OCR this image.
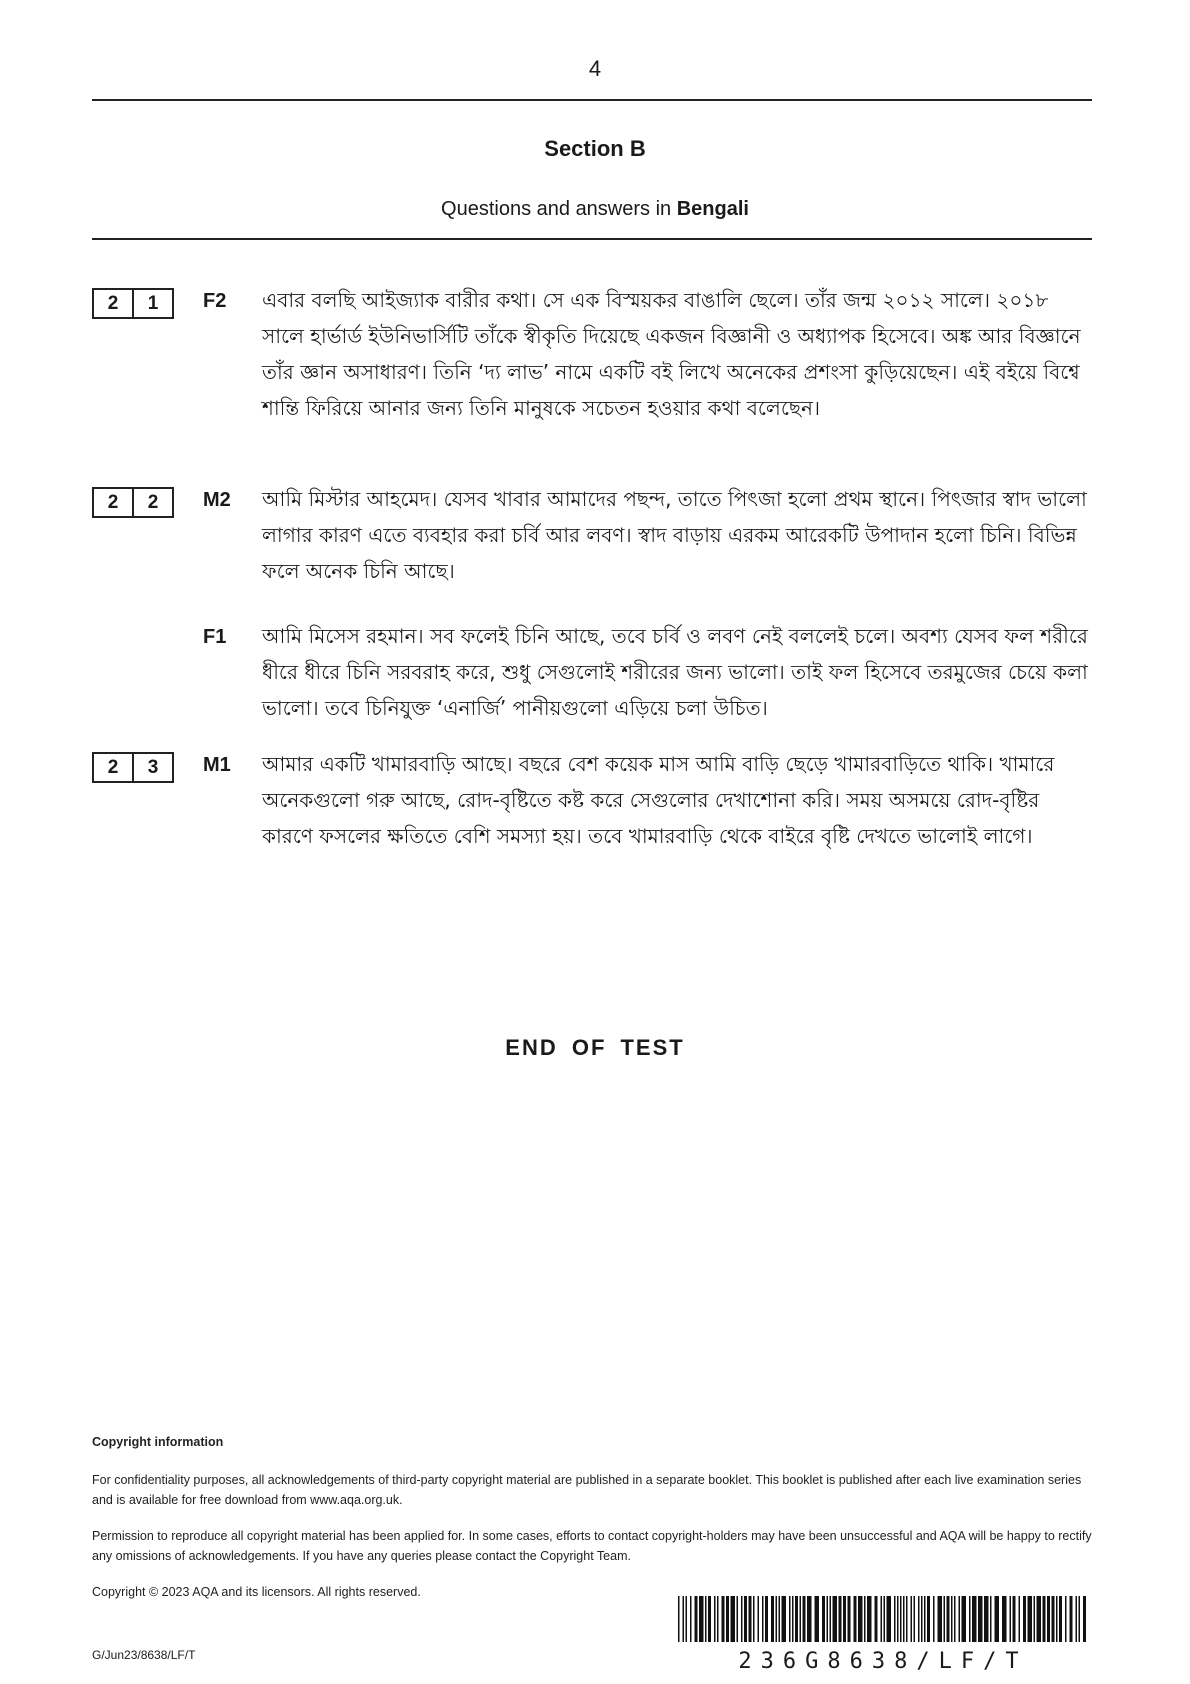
4
Section B
Questions and answers in Bengali
2	1	F2 এবার বলছি আইজ্যাক বারীর কথা। সে এক বিস্ময়কর বাঙালি ছেলে। তাঁর জন্ম ২০১২ সালে। ২০১৮ সালে হার্ভার্ড ইউনিভার্সিটি তাঁকে স্বীকৃতি দিয়েছে একজন বিজ্ঞানী ও অধ্যাপক হিসেবে। অঙ্ক আর বিজ্ঞানে তাঁর জ্ঞান অসাধারণ। তিনি ‘দ্য লাভ’ নামে একটি বই লিখে অনেকের প্রশংসা কুড়িয়েছেন। এই বইয়ে বিশ্বে শান্তি ফিরিয়ে আনার জন্য তিনি মানুষকে সচেতন হওয়ার কথা বলেছেন।
2	2	M2 আমি মিস্টার আহমেদ। যেসব খাবার আমাদের পছন্দ, তাতে পিৎজা হলো প্রথম স্থানে। পিৎজার স্বাদ ভালো লাগার কারণ এতে ব্যবহার করা চর্বি আর লবণ। স্বাদ বাড়ায় এরকম আরেকটি উপাদান হলো চিনি। বিভিন্ন ফলে অনেক চিনি আছে।
F1 আমি মিসেস রহমান। সব ফলেই চিনি আছে, তবে চর্বি ও লবণ নেই বললেই চলে। অবশ্য যেসব ফল শরীরে ধীরে ধীরে চিনি সরবরাহ করে, শুধু সেগুলোই শরীরের জন্য ভালো। তাই ফল হিসেবে তরমুজের চেয়ে কলা ভালো। তবে চিনিযুক্ত ‘এনার্জি’ পানীয়গুলো এড়িয়ে চলা উচিত।
2	3	M1 আমার একটি খামারবাড়ি আছে। বছরে বেশ কয়েক মাস আমি বাড়ি ছেড়ে খামারবাড়িতে থাকি। খামারে অনেকগুলো গরু আছে, রোদ-বৃষ্টিতে কষ্ট করে সেগুলোর দেখাশোনা করি। সময় অসময়ে রোদ-বৃষ্টির কারণে ফসলের ক্ষতিতে বেশি সমস্যা হয়। তবে খামারবাড়ি থেকে বাইরে বৃষ্টি দেখতে ভালোই লাগে।
END OF TEST
Copyright information
For confidentiality purposes, all acknowledgements of third-party copyright material are published in a separate booklet. This booklet is published after each live examination series and is available for free download from www.aqa.org.uk.
Permission to reproduce all copyright material has been applied for. In some cases, efforts to contact copyright-holders may have been unsuccessful and AQA will be happy to rectify any omissions of acknowledgements. If you have any queries please contact the Copyright Team.
Copyright © 2023 AQA and its licensors. All rights reserved.
G/Jun23/8638/LF/T	236G8638/LF/T
